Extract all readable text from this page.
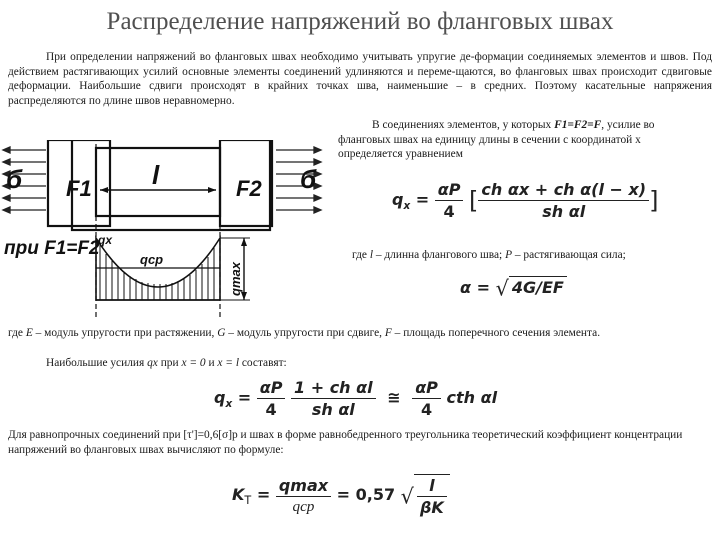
Распределение напряжений во фланговых швах
При определении напряжений во фланговых швах необходимо учитывать упругие де-формации соединяемых элементов и швов. Под действием растягивающих усилий основные элементы соединений удлиняются и переме-щаются, во фланговых швах происходит сдвиговые деформации. Наибольшие сдвиги происходят в крайних точках шва, наименьшие – в средних. Поэтому касательные напряжения распределяются по длине швов неравномерно.
В соединениях элементов, у которых F1=F2=F, усилие во фланговых швах на единицу длины в сечении с координатой x определяется уравнением
$q_x = \frac{\alpha P}{4}$ [ $\frac{\text{ch αx + ch α(l − x)}}{\text{sh αl}}$ ]
где l – длинна флангового шва; P – растягивающая сила;
α = √ 4G/EF
где E – модуль упругости при растяжении, G – модуль упругости при сдвиге, F – площадь поперечного сечения элемента.
Наибольшие усилия qx при x = 0 и x = l составят:
$q_x = \frac{\alpha P}{4}$
$\frac{\text{1 + ch αl}}{\text{sh αl}}$ ≅ $\frac{\alpha P}{4}$ cth αl
Для равнопрочных соединений при [τ']=0,6[σ]р и швах в форме равнобедренного треугольника теоретический коэффициент концентрации напряжений во фланговых швах вычисляют по формуле:
$K_Т = \frac{qmax}{\text{qср}} = 0,57$ √ $\frac{l}{\beta K}$
б F1 l	F2 б
при F1=F2
qx
qср
qmax
